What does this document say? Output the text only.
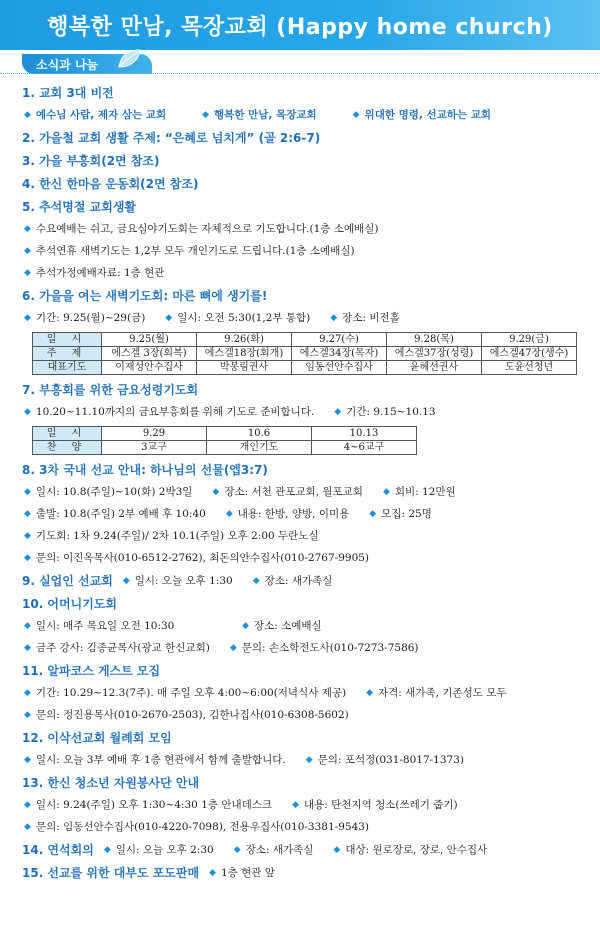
행복한 만남, 목장교회 (Happy home church)
소식과 나눔
1. 교회 3대 비전
◆ 예수님 사람, 제자 삼는 교회	◆ 행복한 만남, 목장교회	◆ 위대한 명령, 선교하는 교회
2. 가을철 교회 생활 주제: “은혜로 넘치게” (골 2:6-7)
3. 가을 부흥회(2면 참조)
4. 한신 한마음 운동회(2면 참조)
5. 추석명절 교회생활
◆ 수요예배는 쉬고, 금요심야기도회는 자체적으로 기도합니다.(1층 소예배실)
◆ 추석연휴 새벽기도는 1,2부 모두 개인기도로 드립니다.(1층 소예배실)
◆ 추석가정예배자료: 1층 현관
6. 가을을 여는 새벽기도회: 마른 뼈에 생기를!
◆ 기간: 9.25(월)~29(금) ◆ 일시: 오전 5:30(1,2부 통합) ◆ 장소: 비전홀
일 시	9.25(월)	9.26(화)	9.27(수)	9.28(목)	9.29(금)
주 제	에스겔 3장(회복)	에스겔18장(회개)	에스겔34장(목자)	에스겔37장(성령)	에스겔47장(생수)
대표기도	이재성안수집사	박봉림권사	임동선안수집사	윤혜선권사	도윤선청년
7. 부흥회를 위한 금요성령기도회
◆ 10.20~11.10까지의 금요부흥회를 위해 기도로 준비합니다. ◆ 기간: 9.15~10.13
일 시	9.29	10.6	10.13
찬 양	3교구	개인기도	4~6교구
8. 3차 국내 선교 안내: 하나님의 선물(엡3:7)
◆ 일시: 10.8(주일)~10(화) 2박3일 ◆ 장소: 서천 관포교회, 월포교회 ◆ 회비: 12만원
◆ 출발: 10.8(주일) 2부 예배 후 10:40 ◆ 내용: 한방, 양방, 이미용 ◆ 모집: 25명
◆ 기도회: 1차 9.24(주일)/ 2차 10.1(주일) 오후 2:00 두란노실
◆ 문의: 이진옥목사(010-6512-2762), 최돈의안수집사(010-2767-9905)
9. 실업인 선교회 ◆ 일시: 오늘 오후 1:30 ◆ 장소: 새가족실
10. 어머니기도회
◆ 일시: 매주 목요일 오전 10:30	◆ 장소: 소예배실
◆ 금주 강사: 김종균목사(광교 한신교회) ◆ 문의: 손소학전도사(010-7273-7586)
11. 알파코스 게스트 모집
◆ 기간: 10.29~12.3(7주). 매 주일 오후 4:00~6:00(저녁식사 제공) ◆ 자격: 새가족, 기존성도 모두
◆ 문의: 정진용목사(010-2670-2503), 김한나집사(010-6308-5602)
12. 이삭선교회 월례회 모임
◆ 일시: 오늘 3부 예배 후 1층 현관에서 함께 출발합니다. ◆ 문의: 포석정(031-8017-1373)
13. 한신 청소년 자원봉사단 안내
◆ 일시: 9.24(주일) 오후 1:30~4:30 1층 안내데스크 ◆ 내용: 탄천지역 청소(쓰레기 줍기)
◆ 문의: 임동선안수집사(010-4220-7098), 전용우집사(010-3381-9543)
14. 연석회의 ◆ 일시: 오늘 오후 2:30 ◆ 장소: 새가족실 ◆ 대상: 원로장로, 장로, 안수집사
15. 선교를 위한 대부도 포도판매 ◆ 1층 현관 앞
